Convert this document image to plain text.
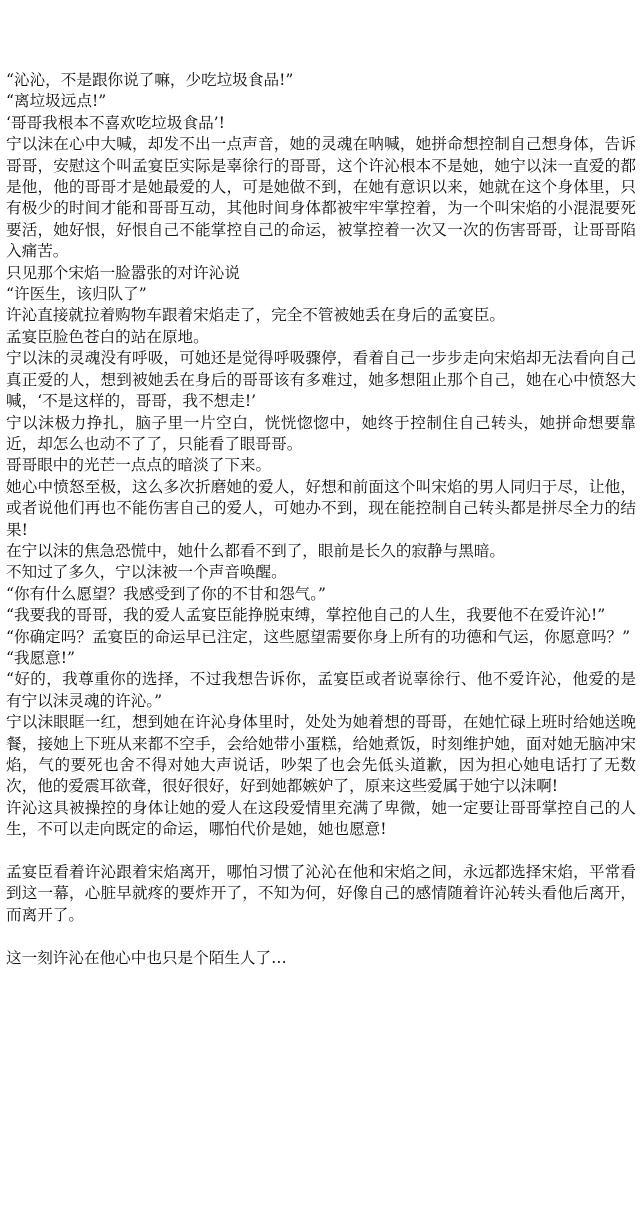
“沁沁，不是跟你说了嘛，少吃垃圾食品!”

“离垃圾远点!”

‘哥哥我根本不喜欢吃垃圾食品’!

宁以沫在心中大喊，却发不出一点声音，她的灵魂在呐喊，她拼命想控制自己想身体，告诉哥哥，安慰这个叫孟宴臣实际是辜徐行的哥哥，这个许沁根本不是她，她宁以沫一直爱的都是他，他的哥哥才是她最爱的人，可是她做不到，在她有意识以来，她就在这个身体里，只有极少的时间才能和哥哥互动，其他时间身体都被牢牢掌控着，为一个叫宋焰的小混混要死要活，她好恨，好恨自己不能掌控自己的命运，被掌控着一次又一次的伤害哥哥，让哥哥陷入痛苦。

只见那个宋焰一脸嚣张的对许沁说

“许医生，该归队了”

许沁直接就拉着购物车跟着宋焰走了，完全不管被她丢在身后的孟宴臣。

孟宴臣脸色苍白的站在原地。

宁以沫的灵魂没有呼吸，可她还是觉得呼吸骤停，看着自己一步步走向宋焰却无法看向自己真正爱的人，想到被她丢在身后的哥哥该有多难过，她多想阻止那个自己，她在心中愤怒大喊，‘不是这样的，哥哥，我不想走!’

宁以沫极力挣扎，脑子里一片空白，恍恍惚惚中，她终于控制住自己转头，她拼命想要靠近，却怎么也动不了了，只能看了眼哥哥。

哥哥眼中的光芒一点点的暗淡了下来。

她心中愤怒至极，这么多次折磨她的爱人，好想和前面这个叫宋焰的男人同归于尽，让他，或者说他们再也不能伤害自己的爱人，可她办不到，现在能控制自己转头都是拼尽全力的结果!

在宁以沫的焦急恐慌中，她什么都看不到了，眼前是长久的寂静与黑暗。

不知过了多久，宁以沫被一个声音唤醒。

“你有什么愿望？我感受到了你的不甘和怨气。”

“我要我的哥哥，我的爱人孟宴臣能挣脱束缚，掌控他自己的人生，我要他不在爱许沁!”

“你确定吗？孟宴臣的命运早已注定，这些愿望需要你身上所有的功德和气运，你愿意吗？”

“我愿意!”

“好的，我尊重你的选择，不过我想告诉你，孟宴臣或者说辜徐行、他不爱许沁，他爱的是有宁以沫灵魂的许沁。”

宁以沫眼眶一红，想到她在许沁身体里时，处处为她着想的哥哥，在她忙碌上班时给她送晚餐，接她上下班从来都不空手，会给她带小蛋糕，给她煮饭，时刻维护她，面对她无脑冲宋焰，气的要死也舍不得对她大声说话，吵架了也会先低头道歉，因为担心她电话打了无数次，他的爱震耳欲聋，很好很好，好到她都嫉妒了，原来这些爱属于她宁以沫啊!

许沁这具被操控的身体让她的爱人在这段爱情里充满了卑微，她一定要让哥哥掌控自己的人生，不可以走向既定的命运，哪怕代价是她，她也愿意!

孟宴臣看着许沁跟着宋焰离开，哪怕习惯了沁沁在他和宋焰之间，永远都选择宋焰，平常看到这一幕，心脏早就疼的要炸开了，不知为何，好像自己的感情随着许沁转头看他后离开，而离开了。

这一刻许沁在他心中也只是个陌生人了…
